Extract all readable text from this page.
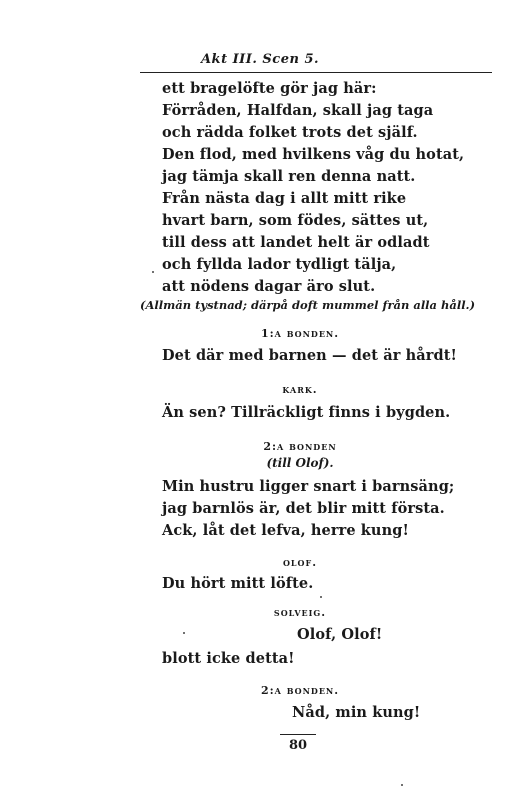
Akt III. Scen 5.
ett bragelöfte gör jag här:
Förråden, Halfdan, skall jag taga
och rädda folket trots det själf.
Den flod, med hvilkens våg du hotat,
jag tämja skall ren denna natt.
Från nästa dag i allt mitt rike
hvart barn, som födes, sättes ut,
till dess att landet helt är odladt
och fyllda lador tydligt tälja,
att nödens dagar äro slut.
(Allmän tystnad; därpå doft mummel från alla håll.)
1:a bonden.
Det där med barnen — det är hårdt!
kark.
Än sen? Tillräckligt finns i bygden.
2:a bonden
(till Olof).
Min hustru ligger snart i barnsäng;
jag barnlös är, det blir mitt första.
Ack, låt det lefva, herre kung!
olof.
Du hört mitt löfte.
solveig.
Olof, Olof!
blott icke detta!
2:a bonden.
Nåd, min kung!
80
